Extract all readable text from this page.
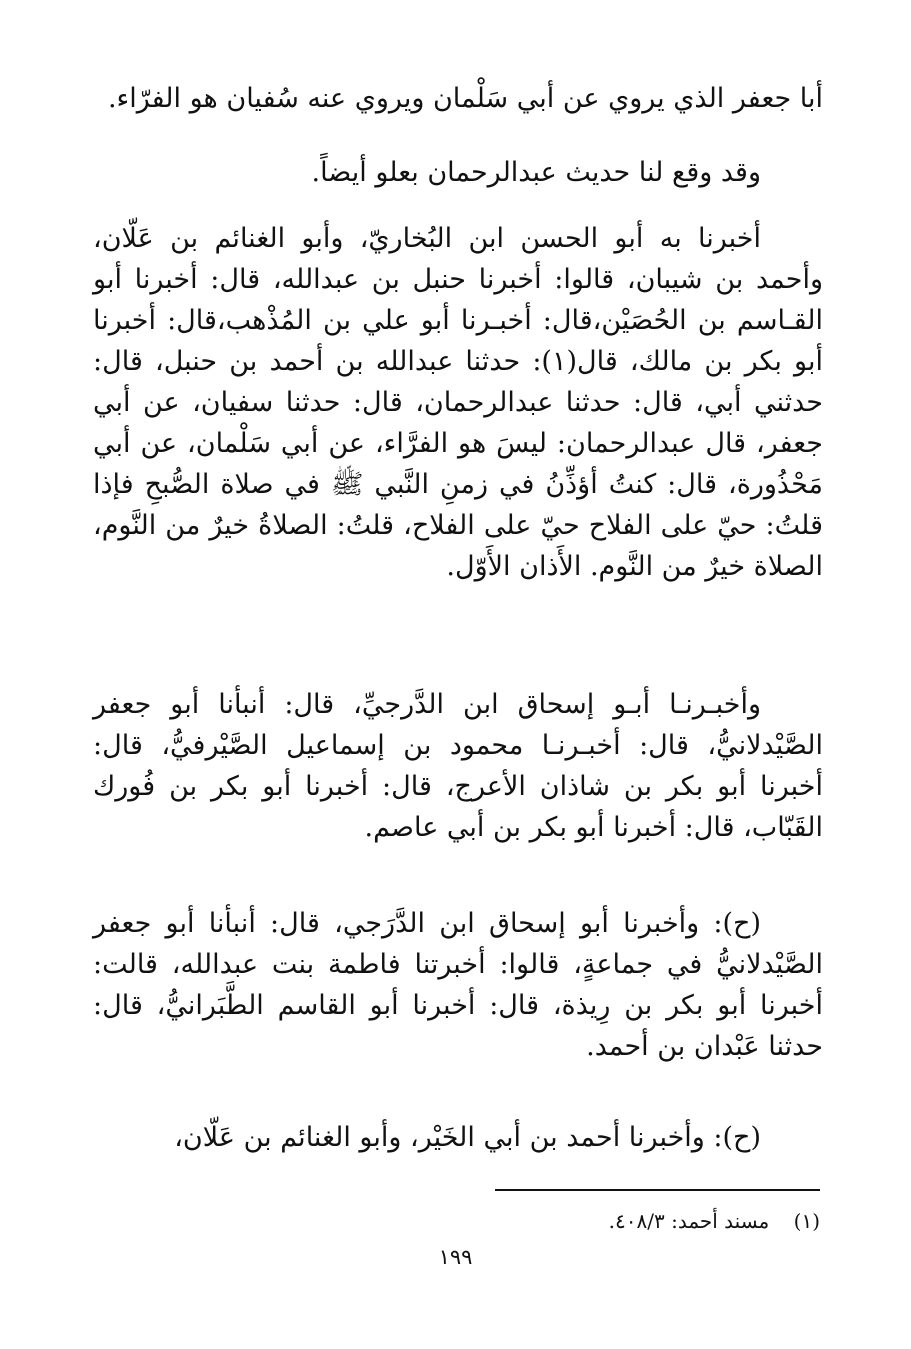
أبا جعفر الذي يروي عن أبي سَلْمان ويروي عنه سُفيان هو الفرّاء.

وقد وقع لنا حديث عبدالرحمان بعلو أيضاً.

أخبرنا به أبو الحسن ابن البُخاريّ، وأبو الغنائم بن عَلّان، وأحمد بن شيبان، قالوا: أخبرنا حنبل بن عبدالله، قال: أخبرنا أبو القـاسم بن الحُصَيْن،قال: أخبـرنا أبو علي بن المُذْهب،قال: أخبرنا أبو بكر بن مالك، قال(١): حدثنا عبدالله بن أحمد بن حنبل، قال: حدثني أبي، قال: حدثنا عبدالرحمان، قال: حدثنا سفيان، عن أبي جعفر، قال عبدالرحمان: ليسَ هو الفرَّاء، عن أبي سَلْمان، عن أبي مَحْذُورة، قال: كنتُ أؤذِّنُ في زمنِ النَّبي ﷺ في صلاة الصُّبحِ فإذا قلتُ: حيّ على الفلاح حيّ على الفلاح، قلتُ: الصلاةُ خيرٌ من النَّوم، الصلاة خيرٌ من النَّوم. الأَذان الأَوّل.

وأخبـرنـا أبـو إسحاق ابن الدَّرجيِّ، قال: أنبأنا أبو جعفر الصَّيْدلانيُّ، قال: أخبـرنـا محمود بن إسماعيل الصَّيْرفيُّ، قال: أخبرنا أبو بكر بن شاذان الأعرج، قال: أخبرنا أبو بكر بن فُورك القَبّاب، قال: أخبرنا أبو بكر بن أبي عاصم.

(ح): وأخبرنا أبو إسحاق ابن الدَّرَجي، قال: أنبأنا أبو جعفر الصَّيْدلانيُّ في جماعةٍ، قالوا: أخبرتنا فاطمة بنت عبدالله، قالت: أخبرنا أبو بكر بن رِيذة، قال: أخبرنا أبو القاسم الطَّبَرانيُّ، قال: حدثنا عَبْدان بن أحمد.

(ح): وأخبرنا أحمد بن أبي الخَيْر، وأبو الغنائم بن عَلّان،

(١) مسند أحمد: ٤٠٨/٣.
١٩٩
